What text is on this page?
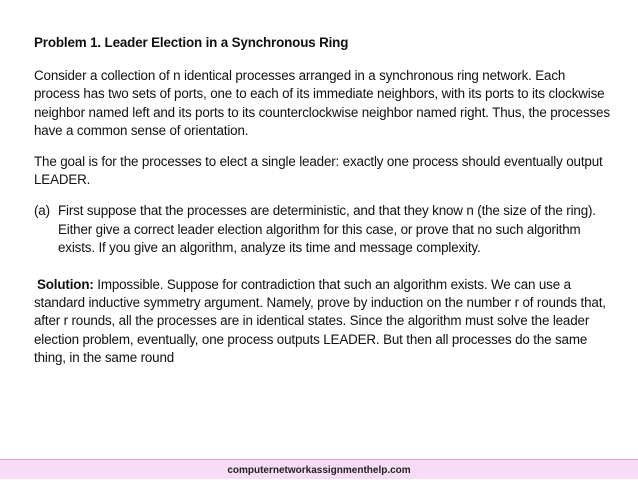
Problem 1. Leader Election in a Synchronous Ring

Consider a collection of n identical processes arranged in a synchronous ring network. Each process has two sets of ports, one to each of its immediate neighbors, with its ports to its clockwise neighbor named left and its ports to its counterclockwise neighbor named right. Thus, the processes have a common sense of orientation.

The goal is for the processes to elect a single leader: exactly one process should eventually output LEADER.

(a) First suppose that the processes are deterministic, and that they know n (the size of the ring). Either give a correct leader election algorithm for this case, or prove that no such algorithm exists. If you give an algorithm, analyze its time and message complexity.

Solution: Impossible. Suppose for contradiction that such an algorithm exists. We can use a standard inductive symmetry argument. Namely, prove by induction on the number r of rounds that, after r rounds, all the processes are in identical states. Since the algorithm must solve the leader election problem, eventually, one process outputs LEADER. But then all processes do the same thing, in the same round

computernetworkassignmenthelp.com
